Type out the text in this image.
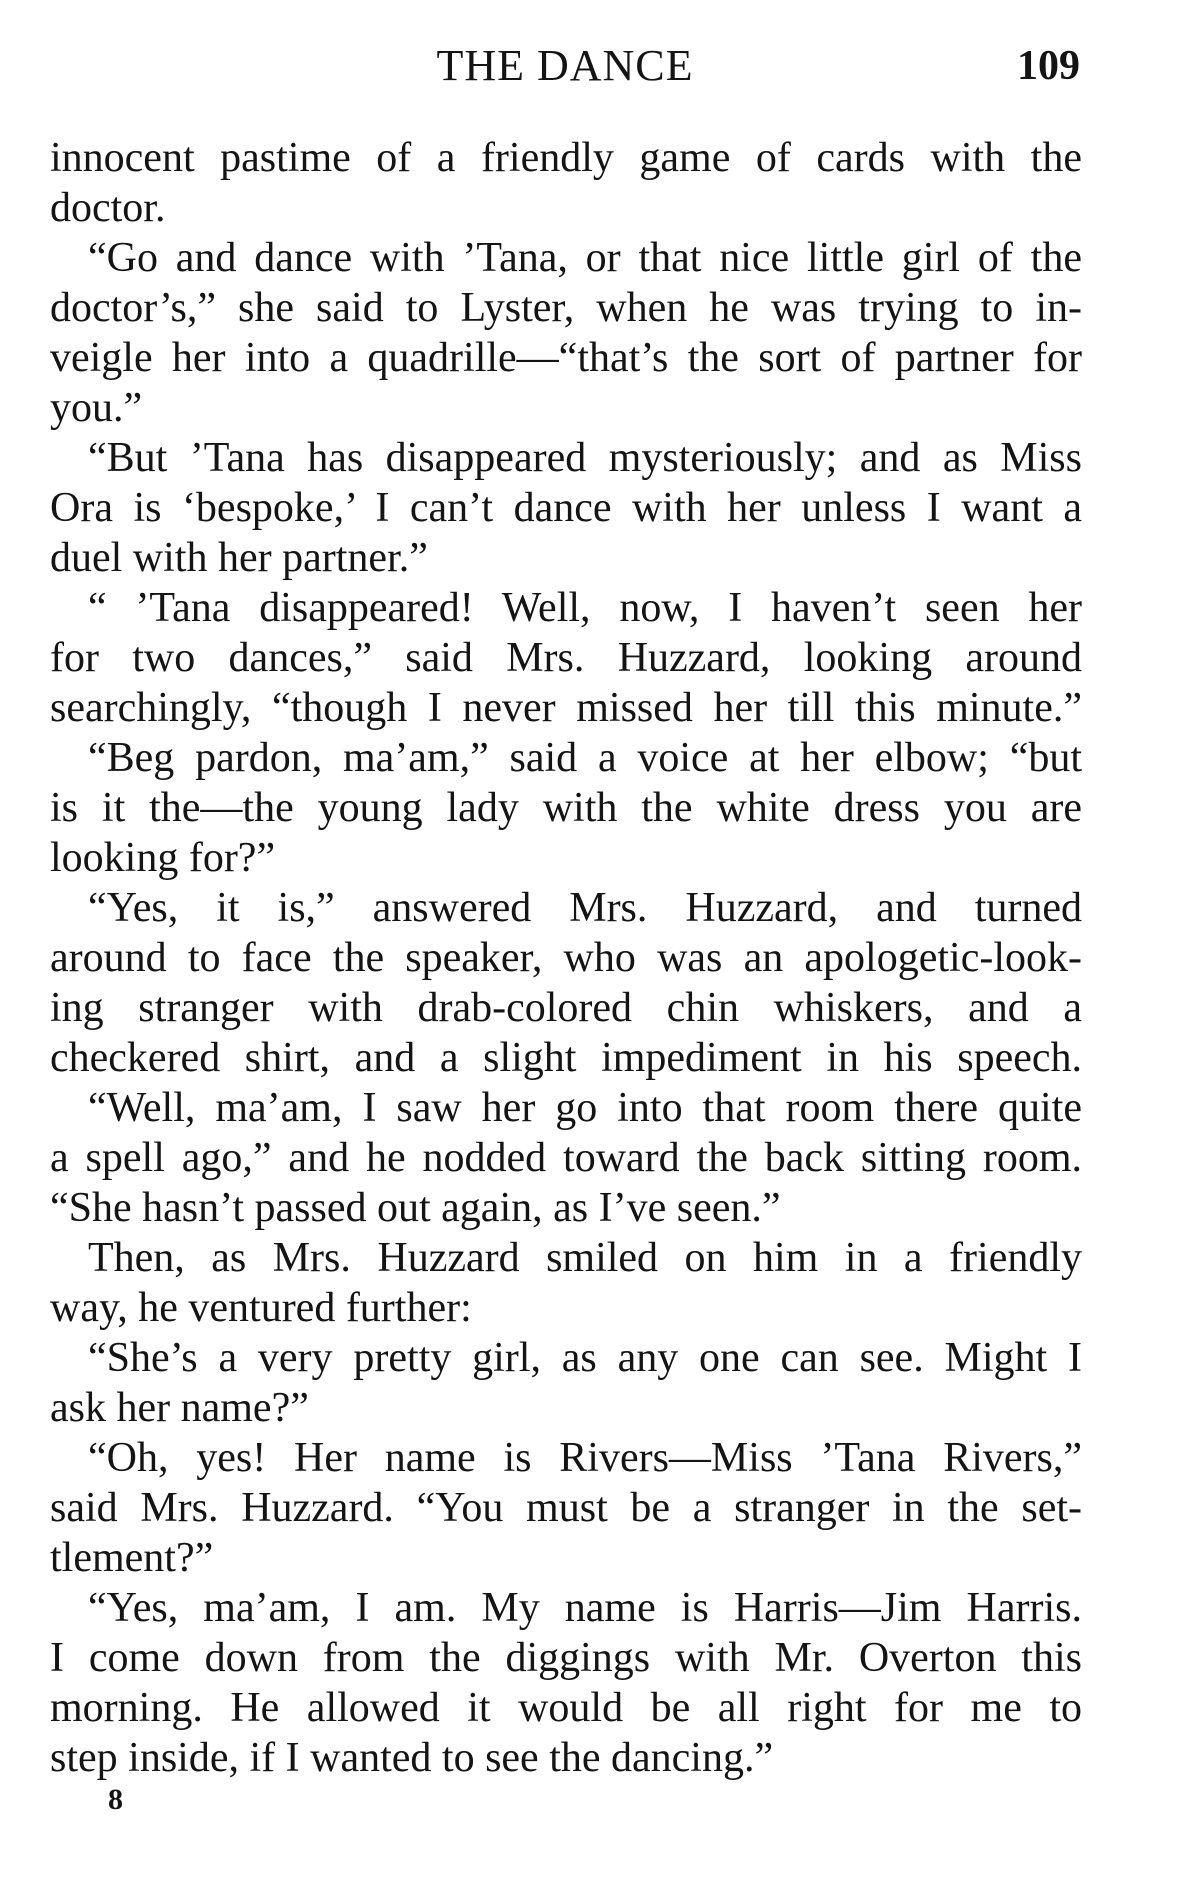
THE DANCE	109
innocent pastime of a friendly game of cards with the
doctor.
“Go and dance with ’Tana, or that nice little girl of the
doctor’s,” she said to Lyster, when he was trying to in-
veigle her into a quadrille—“that’s the sort of partner for
you.”
“But ’Tana has disappeared mysteriously; and as Miss
Ora is ‘bespoke,’ I can’t dance with her unless I want a
duel with her partner.”
“ ’Tana disappeared! Well, now, I haven’t seen her
for two dances,” said Mrs. Huzzard, looking around
searchingly, “though I never missed her till this minute.”
“Beg pardon, ma’am,” said a voice at her elbow; “but
is it the—the young lady with the white dress you are
looking for?”
“Yes, it is,” answered Mrs. Huzzard, and turned
around to face the speaker, who was an apologetic-look-
ing stranger with drab-colored chin whiskers, and a
checkered shirt, and a slight impediment in his speech.
“Well, ma’am, I saw her go into that room there quite
a spell ago,” and he nodded toward the back sitting room.
“She hasn’t passed out again, as I’ve seen.”
Then, as Mrs. Huzzard smiled on him in a friendly
way, he ventured further:
“She’s a very pretty girl, as any one can see. Might I
ask her name?”
“Oh, yes! Her name is Rivers—Miss ’Tana Rivers,”
said Mrs. Huzzard. “You must be a stranger in the set-
tlement?”
“Yes, ma’am, I am. My name is Harris—Jim Harris.
I come down from the diggings with Mr. Overton this
morning. He allowed it would be all right for me to
step inside, if I wanted to see the dancing.”
8
